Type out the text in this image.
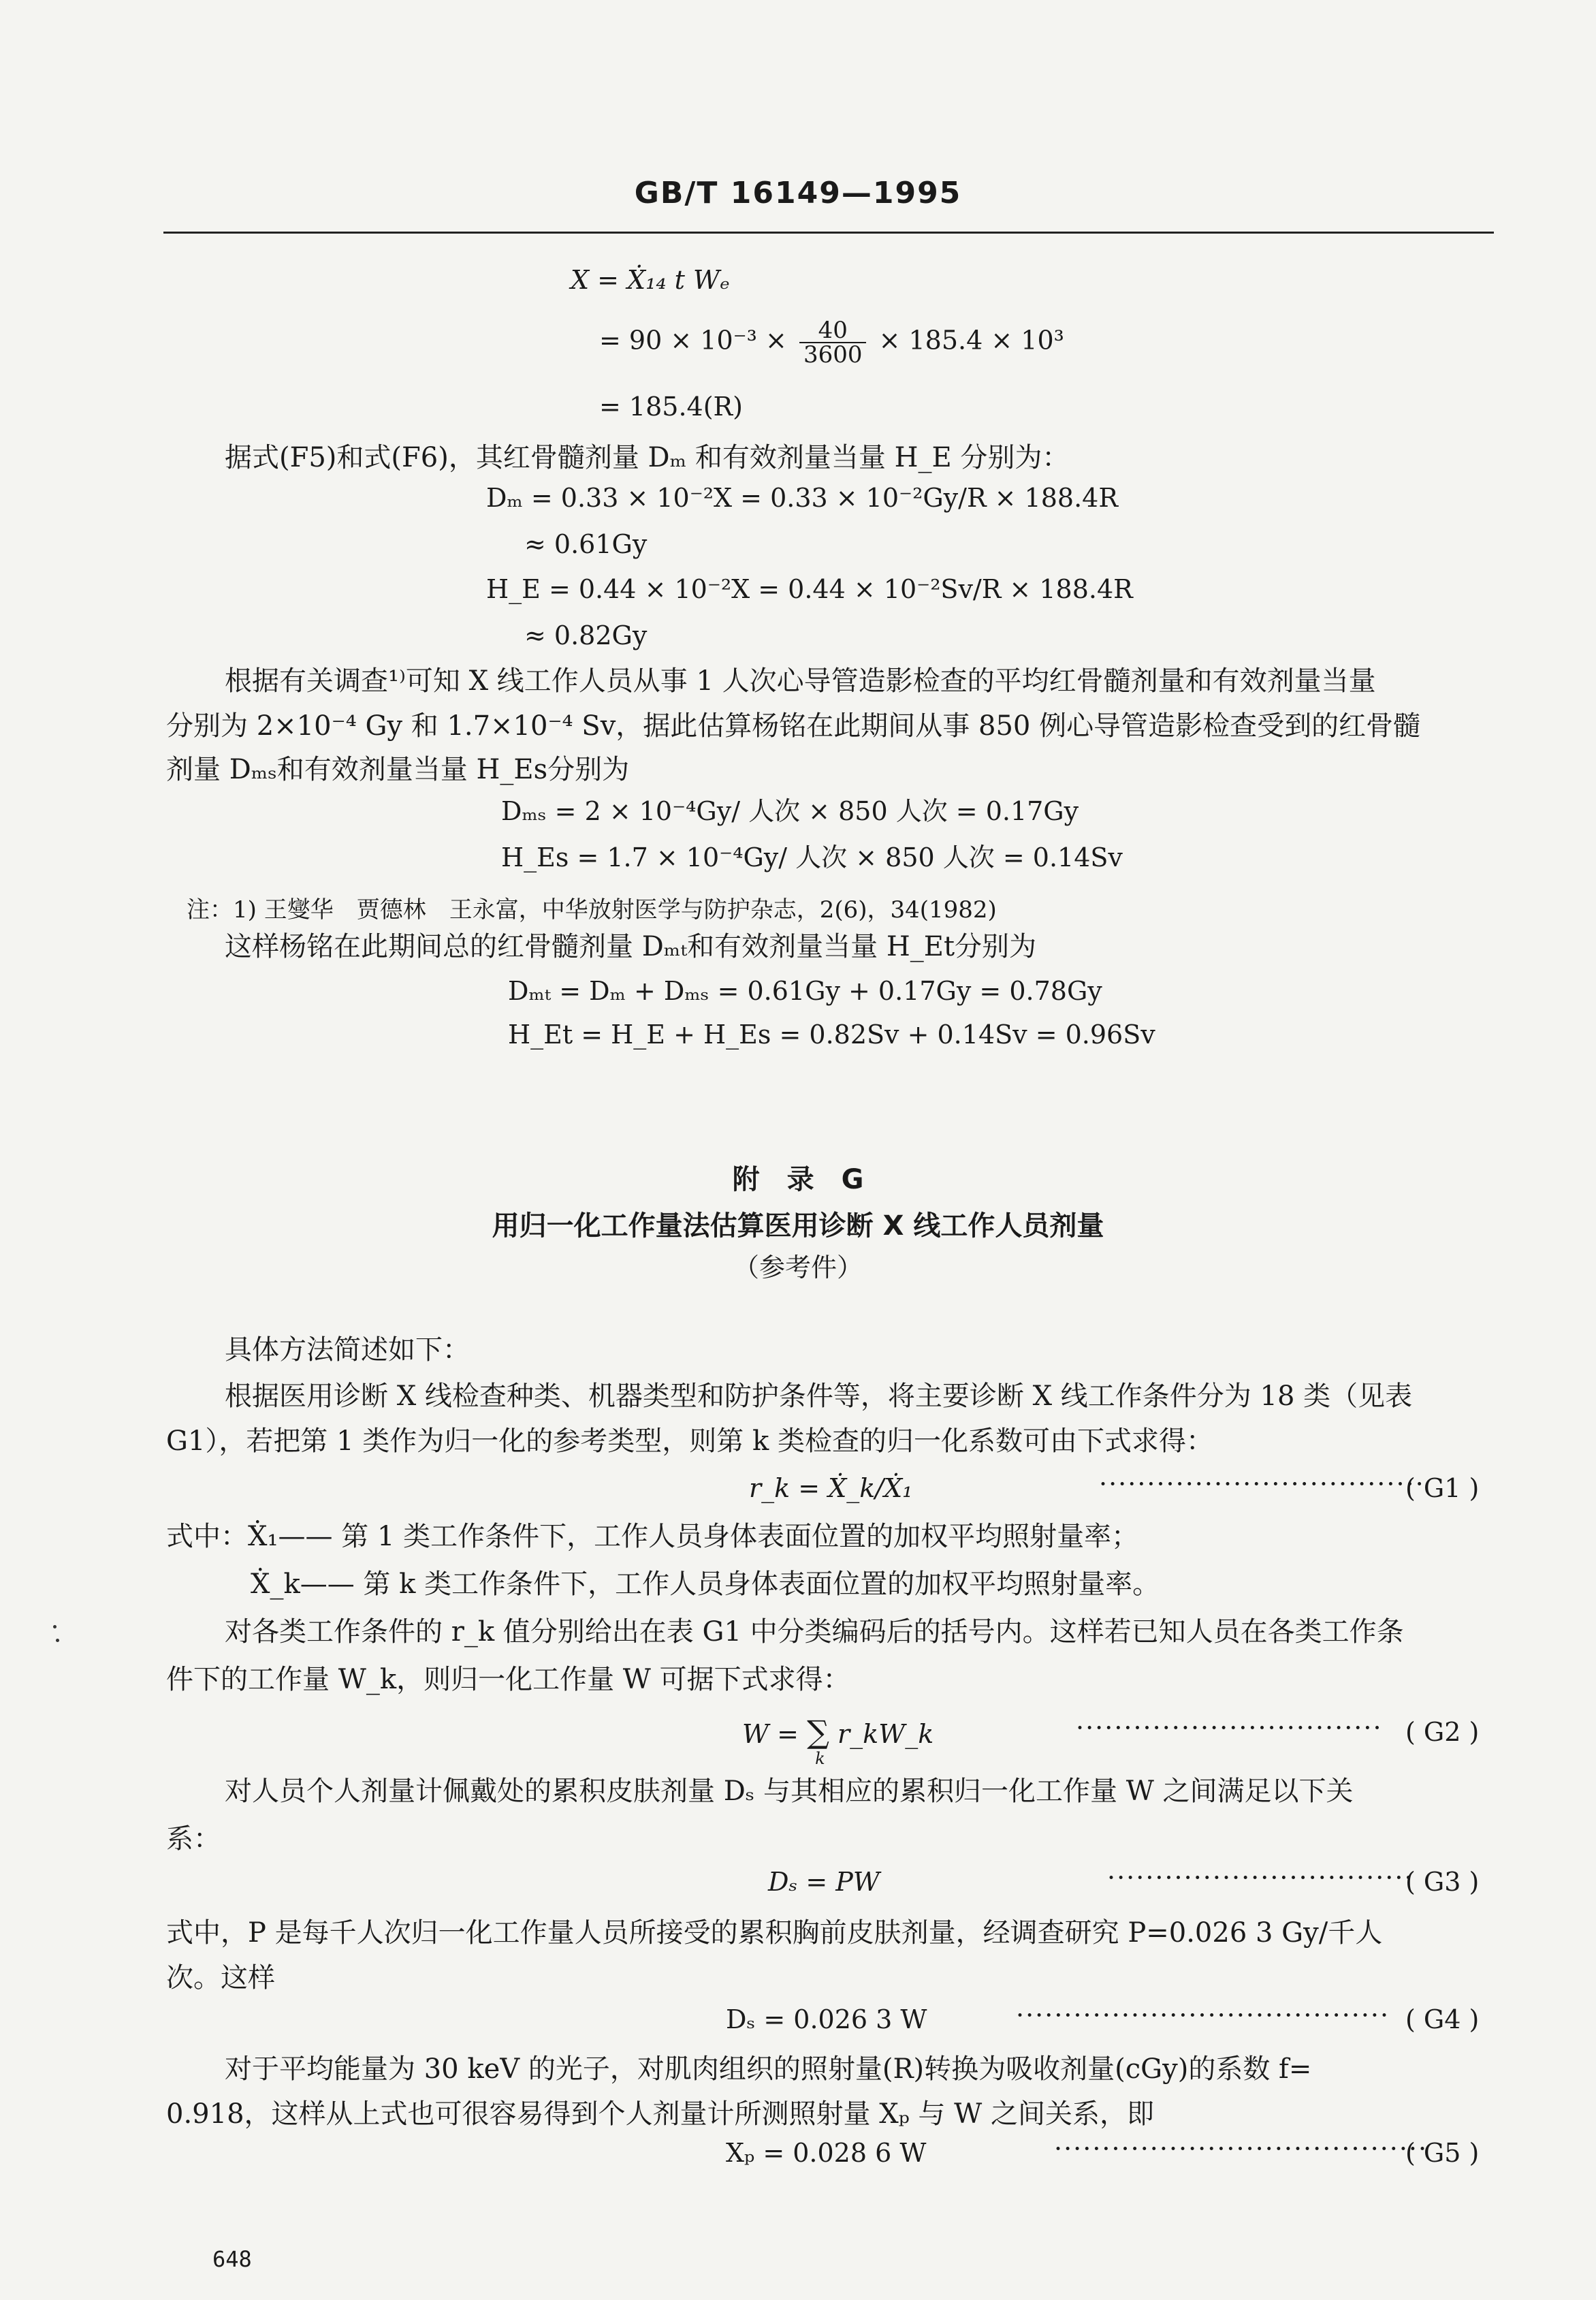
GB/T 16149—1995
X = Ẋ₁₄ t Wₑ
= $90 \times 10^{-3} \times \frac{40}{3600} \times 185.4 \times 10^3$
= 185.4(R)
据式(F5)和式(F6)，其红骨髓剂量 Dₘ 和有效剂量当量 H_E 分别为：
Dₘ = 0.33 × 10⁻²X = 0.33 × 10⁻²Gy/R × 188.4R
≈ 0.61Gy
H_E = 0.44 × 10⁻²X = 0.44 × 10⁻²Sv/R × 188.4R
≈ 0.82Gy
根据有关调查¹⁾可知 X 线工作人员从事 1 人次心导管造影检查的平均红骨髓剂量和有效剂量当量
分别为 2×10⁻⁴ Gy 和 1.7×10⁻⁴ Sv，据此估算杨铭在此期间从事 850 例心导管造影检查受到的红骨髓
剂量 Dₘₛ和有效剂量当量 H_Es分别为
Dₘₛ = 2 × 10⁻⁴Gy/ 人次 × 850 人次 = 0.17Gy
H_Es = 1.7 × 10⁻⁴Gy/ 人次 × 850 人次 = 0.14Sv
注：1) 王燮华　贾德林　王永富，中华放射医学与防护杂志，2(6)，34(1982)
这样杨铭在此期间总的红骨髓剂量 Dₘₜ和有效剂量当量 H_Et分别为
Dₘₜ = Dₘ + Dₘₛ = 0.61Gy + 0.17Gy = 0.78Gy
H_Et = H_E + H_Es = 0.82Sv + 0.14Sv = 0.96Sv
附　录　G
用归一化工作量法估算医用诊断 X 线工作人员剂量
（参考件）
具体方法简述如下：
根据医用诊断 X 线检查种类、机器类型和防护条件等，将主要诊断 X 线工作条件分为 18 类（见表
G1），若把第 1 类作为归一化的参考类型，则第 k 类检查的归一化系数可由下式求得：
r_k = Ẋ_k/Ẋ₁	··································
( G1 )
式中：Ẋ₁—— 第 1 类工作条件下，工作人员身体表面位置的加权平均照射量率；
Ẋ_k—— 第 k 类工作条件下，工作人员身体表面位置的加权平均照射量率。
对各类工作条件的 r_k 值分别给出在表 G1 中分类编码后的括号内。这样若已知人员在各类工作条
件下的工作量 W_k，则归一化工作量 W 可据下式求得：
W = ∑
k
r_kW_k	································ ( G2 )
对人员个人剂量计佩戴处的累积皮肤剂量 Dₛ 与其相应的累积归一化工作量 W 之间满足以下关
系：
Dₛ = PW	································
( G3 )
式中，P 是每千人次归一化工作量人员所接受的累积胸前皮肤剂量，经调查研究 P=0.026 3 Gy/千人
次。这样
Dₛ = 0.026 3 W	······································· ( G4 )
对于平均能量为 30 keV 的光子，对肌肉组织的照射量(R)转换为吸收剂量(cGy)的系数 f=
0.918，这样从上式也可很容易得到个人剂量计所测照射量 Xₚ 与 W 之间关系，即
Xₚ = 0.028 6 W	·······································
( G5 )
648
